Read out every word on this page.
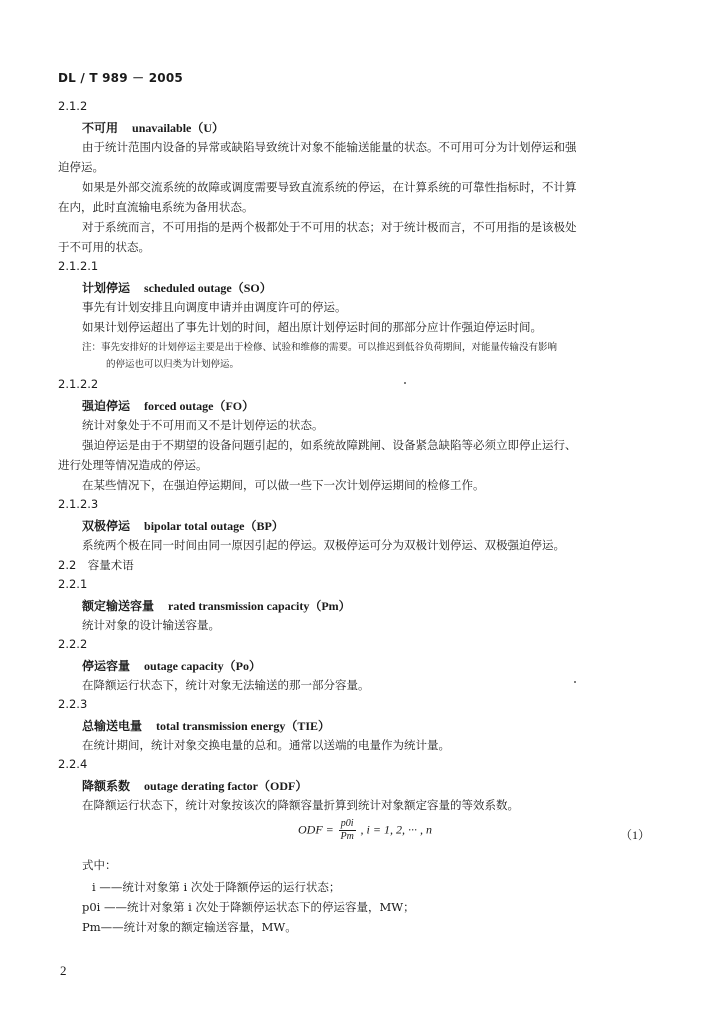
DL / T 989 － 2005
2.1.2
不可用 unavailable（U）
由于统计范围内设备的异常或缺陷导致统计对象不能输送能量的状态。不可用可分为计划停运和强
迫停运。
如果是外部交流系统的故障或调度需要导致直流系统的停运，在计算系统的可靠性指标时，不计算
在内，此时直流输电系统为备用状态。
对于系统而言，不可用指的是两个极都处于不可用的状态；对于统计极而言，不可用指的是该极处
于不可用的状态。
2.1.2.1
计划停运 scheduled outage（SO）
事先有计划安排且向调度申请并由调度许可的停运。
如果计划停运超出了事先计划的时间，超出原计划停运时间的那部分应计作强迫停运时间。
注：事先安排好的计划停运主要是出于检修、试验和维修的需要。可以推迟到低谷负荷期间，对能量传输没有影响
的停运也可以归类为计划停运。
2.1.2.2
强迫停运 forced outage（FO）
统计对象处于不可用而又不是计划停运的状态。
强迫停运是由于不期望的设备问题引起的，如系统故障跳闸、设备紧急缺陷等必须立即停止运行、
进行处理等情况造成的停运。
在某些情况下，在强迫停运期间，可以做一些下一次计划停运期间的检修工作。
2.1.2.3
双极停运 bipolar total outage（BP）
系统两个极在同一时间由同一原因引起的停运。双极停运可分为双极计划停运、双极强迫停运。
2.2　容量术语
2.2.1
额定输送容量 rated transmission capacity（Pm）
统计对象的设计输送容量。
2.2.2
停运容量 outage capacity（Po）
在降额运行状态下，统计对象无法输送的那一部分容量。
2.2.3
总输送电量 total transmission energy（TIE）
在统计期间，统计对象交换电量的总和。通常以送端的电量作为统计量。
2.2.4
降额系数 outage derating factor（ODF）
在降额运行状态下，统计对象按该次的降额容量折算到统计对象额定容量的等效系数。
式中：
i ——统计对象第 i 次处于降额停运的运行状态；
p0i ——统计对象第 i 次处于降额停运状态下的停运容量，MW；
Pm——统计对象的额定输送容量，MW。
ODF = $\frac{p0i}{Pm}$ , i = 1, 2, ··· , n	（1）
2
